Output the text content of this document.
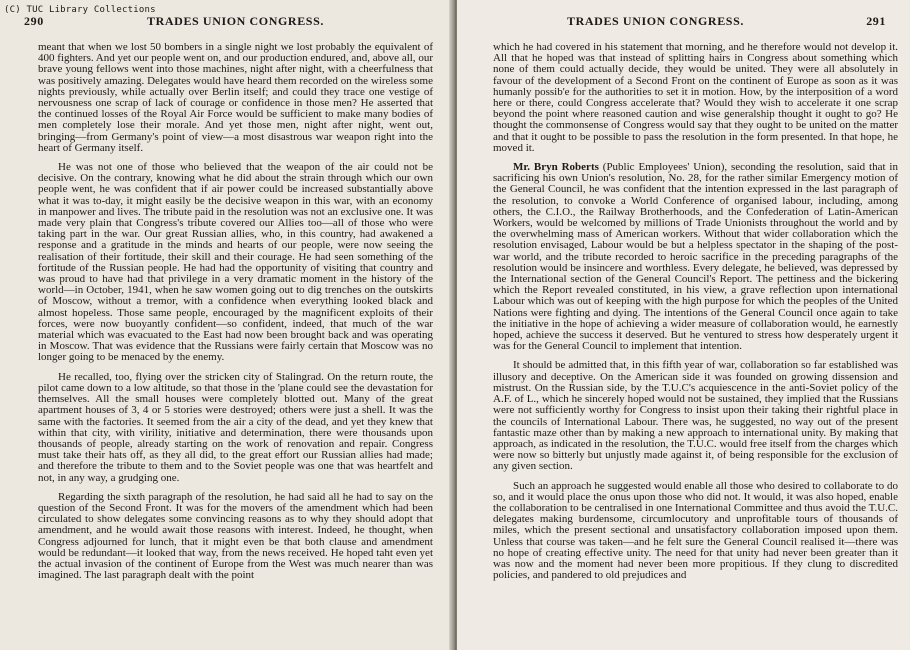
(C) TUC Library Collections
290	TRADES UNION CONGRESS.

meant that when we lost 50 bombers in a single night we lost probably the equivalent of 400 fighters. And yet our people went on, and our production endured, and, above all, our brave young fellows went into those machines, night after night, with a cheerfulness that was positively amazing. Delegates would have heard them recorded on the wireless some nights previously, while actually over Berlin itself; and could they trace one vestige of nervousness one scrap of lack of courage or confidence in those men? He asserted that the continued losses of the Royal Air Force would be sufficient to make many bodies of men completely lose their morale. And yet those men, night after night, went out, bringing—from Germany's point of view—a most disastrous war weapon right into the heart of Germany itself.

He was not one of those who believed that the weapon of the air could not be decisive. On the contrary, knowing what he did about the strain through which our own people went, he was confident that if air power could be increased substantially above what it was to-day, it might easily be the decisive weapon in this war, with an economy in manpower and lives. The tribute paid in the resolution was not an exclusive one. It was made very plain that Congress's tribute covered our Allies too—all of those who were taking part in the war. Our great Russian allies, who, in this country, had awakened a response and a gratitude in the minds and hearts of our people, were now seeing the realisation of their fortitude, their skill and their courage. He had seen something of the fortitude of the Russian people. He had had the opportunity of visiting that country and was proud to have had that privilege in a very dramatic moment in the history of the world—in October, 1941, when he saw women going out to dig trenches on the outskirts of Moscow, without a tremor, with a confidence when everything looked black and almost hopeless. Those same people, encouraged by the magnificent exploits of their forces, were now buoyantly confident—so confident, indeed, that much of the war material which was evacuated to the East had now been brought back and was operating in Moscow. That was evidence that the Russians were fairly certain that Moscow was no longer going to be menaced by the enemy.

He recalled, too, flying over the stricken city of Stalingrad. On the return route, the pilot came down to a low altitude, so that those in the 'plane could see the devastation for themselves. All the small houses were completely blotted out. Many of the great apartment houses of 3, 4 or 5 stories were destroyed; others were just a shell. It was the same with the factories. It seemed from the air a city of the dead, and yet they knew that within that city, with virility, initiative and determination, there were thousands upon thousands of people, already starting on the work of renovation and repair. Congress must take their hats off, as they all did, to the great effort our Russian allies had made; and therefore the tribute to them and to the Soviet people was one that was heartfelt and not, in any way, a grudging one.

Regarding the sixth paragraph of the resolution, he had said all he had to say on the question of the Second Front. It was for the movers of the amendment which had been circulated to show delegates some convincing reasons as to why they should adopt that amendment, and he would await those reasons with interest. Indeed, he thought, when Congress adjourned for lunch, that it might even be that both clause and amendment would be redundant—it looked that way, from the news received. He hoped taht even yet the actual invasion of the continent of Europe from the West was much nearer than was imagined. The last paragraph dealt with the point

TRADES UNION CONGRESS.	291

which he had covered in his statement that morning, and he therefore would not develop it. All that he hoped was that instead of splitting hairs in Congress about something which none of them could actually decide, they would be united. They were all absolutely in favour of the development of a Second Front on the continent of Europe as soon as it was humanly possib'e for the authorities to set it in motion. How, by the interposition of a word here or there, could Congress accelerate that? Would they wish to accelerate it one scrap beyond the point where reasoned caution and wise generalship thought it ought to go? He thought the commonsense of Congress would say that they ought to be united on the matter and that it ought to be possible to pass the resolution in the form presented. In that hope, he moved it.

Mr. Bryn Roberts (Public Employees' Union), seconding the resolution, said that in sacrificing his own Union's resolution, No. 28, for the rather similar Emergency motion of the General Council, he was confident that the intention expressed in the last paragraph of the resolution, to convoke a World Conference of organised labour, including, among others, the C.I.O., the Railway Brotherhoods, and the Confederation of Latin-American Workers, would be welcomed by millions of Trade Unionists throughout the world and by the overwhelming mass of American workers. Without that wider collaboration which the resolution envisaged, Labour would be but a helpless spectator in the shaping of the post-war world, and the tribute recorded to heroic sacrifice in the preceding paragraphs of the resolution would be insincere and worthless. Every delegate, he believed, was depressed by the International section of the General Council's Report. The pettiness and the bickering which the Report revealed constituted, in his view, a grave reflection upon international Labour which was out of keeping with the high purpose for which the peoples of the United Nations were fighting and dying. The intentions of the General Council once again to take the initiative in the hope of achieving a wider measure of collaboration would, he earnestly hoped, achieve the success it deserved. But he ventured to stress how desperately urgent it was for the General Council to implement that intention.

It should be admitted that, in this fifth year of war, collaboration so far established was illusory and deceptive. On the American side it was founded on growing dissension and mistrust. On the Russian side, by the T.U.C's acquiescence in the anti-Soviet policy of the A.F. of L., which he sincerely hoped would not be sustained, they implied that the Russians were not sufficiently worthy for Congress to insist upon their taking their rightful place in the councils of International Labour. There was, he suggested, no way out of the present fantastic maze other than by making a new approach to international unity. By making that approach, as indicated in the resolution, the T.U.C. would free itself from the charges which were now so bitterly but unjustly made against it, of being responsible for the exclusion of any given section.

Such an approach he suggested would enable all those who desired to collaborate to do so, and it would place the onus upon those who did not. It would, it was also hoped, enable the collaboration to be centralised in one International Committee and thus avoid the T.U.C. delegates making burdensome, circumlocutory and unprofitable tours of thousands of miles, which the present sectional and unsatisfactory collaboration imposed upon them. Unless that course was taken—and he felt sure the General Council realised it—there was no hope of creating effective unity. The need for that unity had never been greater than it was now and the moment had never been more propitious. If they clung to discredited policies, and pandered to old prejudices and
